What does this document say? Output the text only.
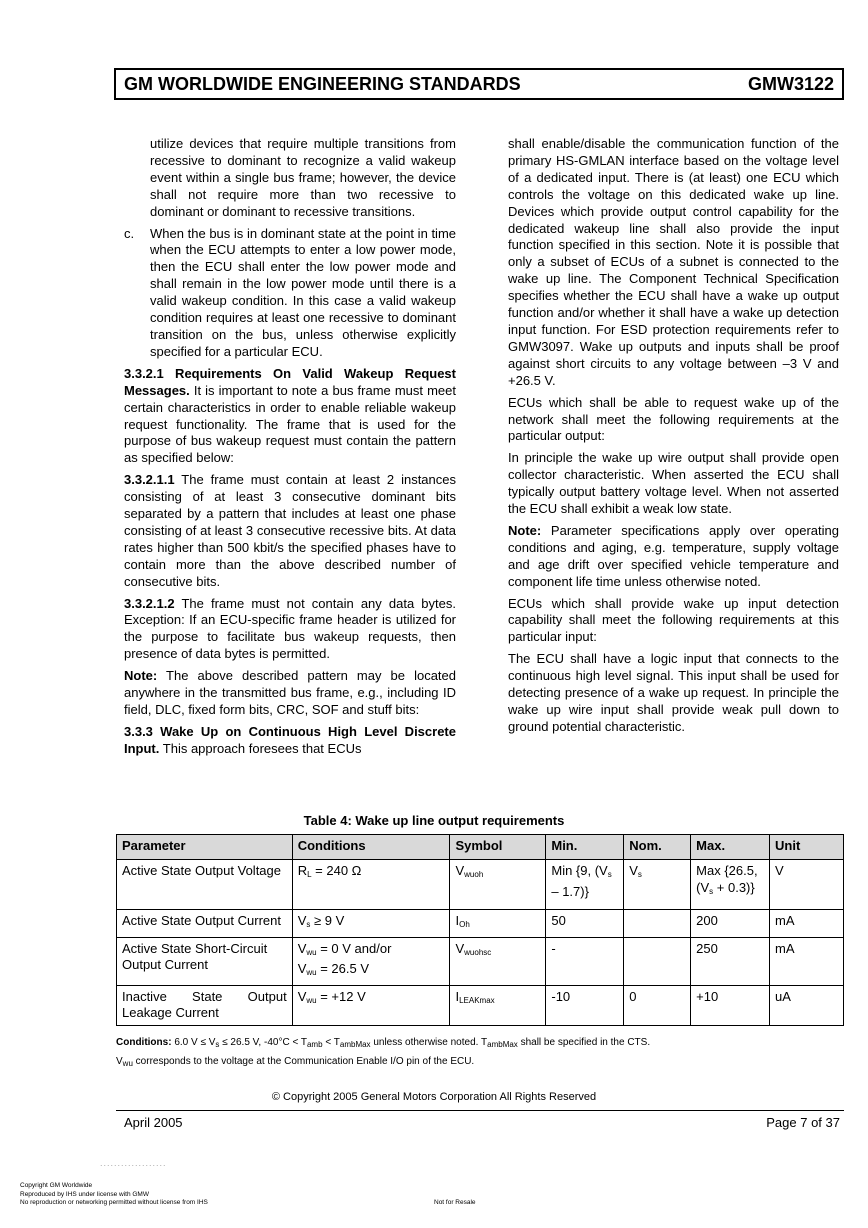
GM WORLDWIDE ENGINEERING STANDARDS	GMW3122

utilize devices that require multiple transitions from recessive to dominant to recognize a valid wakeup event within a single bus frame; however, the device shall not require more than two recessive to dominant or dominant to recessive transitions.

c.	When the bus is in dominant state at the point in time when the ECU attempts to enter a low power mode, then the ECU shall enter the low power mode and shall remain in the low power mode until there is a valid wakeup condition. In this case a valid wakeup condition requires at least one recessive to dominant transition on the bus, unless otherwise explicitly specified for a particular ECU.

3.3.2.1 Requirements On Valid Wakeup Request Messages. It is important to note a bus frame must meet certain characteristics in order to enable reliable wakeup request functionality. The frame that is used for the purpose of bus wakeup request must contain the pattern as specified below:

3.3.2.1.1 The frame must contain at least 2 instances consisting of at least 3 consecutive dominant bits separated by a pattern that includes at least one phase consisting of at least 3 consecutive recessive bits. At data rates higher than 500 kbit/s the specified phases have to contain more than the above described number of consecutive bits.

3.3.2.1.2 The frame must not contain any data bytes. Exception: If an ECU-specific frame header is utilized for the purpose to facilitate bus wakeup requests, then presence of data bytes is permitted.

Note: The above described pattern may be located anywhere in the transmitted bus frame, e.g., including ID field, DLC, fixed form bits, CRC, SOF and stuff bits:

3.3.3 Wake Up on Continuous High Level Discrete Input. This approach foresees that ECUs

shall enable/disable the communication function of the primary HS-GMLAN interface based on the voltage level of a dedicated input. There is (at least) one ECU which controls the voltage on this dedicated wake up line. Devices which provide output control capability for the dedicated wakeup line shall also provide the input function specified in this section. Note it is possible that only a subset of ECUs of a subnet is connected to the wake up line. The Component Technical Specification specifies whether the ECU shall have a wake up output function and/or whether it shall have a wake up detection input function. For ESD protection requirements refer to GMW3097. Wake up outputs and inputs shall be proof against short circuits to any voltage between –3 V and +26.5 V.

ECUs which shall be able to request wake up of the network shall meet the following requirements at the particular output:

In principle the wake up wire output shall provide open collector characteristic. When asserted the ECU shall typically output battery voltage level. When not asserted the ECU shall exhibit a weak low state.

Note: Parameter specifications apply over operating conditions and aging, e.g. temperature, supply voltage and age drift over specified vehicle temperature and component life time unless otherwise noted.

ECUs which shall provide wake up input detection capability shall meet the following requirements at this particular input:

The ECU shall have a logic input that connects to the continuous high level signal. This input shall be used for detecting presence of a wake up request. In principle the wake up wire input shall provide weak pull down to ground potential characteristic.

Table 4: Wake up line output requirements
Parameter	Conditions	Symbol	Min.	Nom.	Max.	Unit
Active State Output Voltage	$R_L = 240$ Ω	$V_{wuoh}$	Min {9, $(V_s - 1.7)$}	$V_s$	Max {26.5, $(V_s + 0.3)$}	V
Active State Output Current	$V_s \ge 9$ V	$I_{Oh}$	50		200	mA
Active State Short-Circuit Output Current	$V_{wu} = 0$ V and/or
$V_{wu} = 26.5$ V	$V_{wuohsc}$	-		250	mA
Inactive State Output Leakage Current	$V_{wu} = +12$ V	$I_{LEAKmax}$	-10	0	+10	uA
Conditions: 6.0 $V \le V_s \le 26.5$ V, $-40^\circ C < T_{amb} < T_{ambMax}$ unless otherwise noted. $T_{ambMax}$ shall be specified in the CTS.
$V_{wu}$ corresponds to the voltage at the Communication Enable I/O pin of the ECU.
© Copyright 2005 General Motors Corporation All Rights Reserved
April 2005	Page 7 of 37
...................
Copyright GM Worldwide
Reproduced by IHS under license with GMW
No reproduction or networking permitted without license from IHS	Not for Resale
